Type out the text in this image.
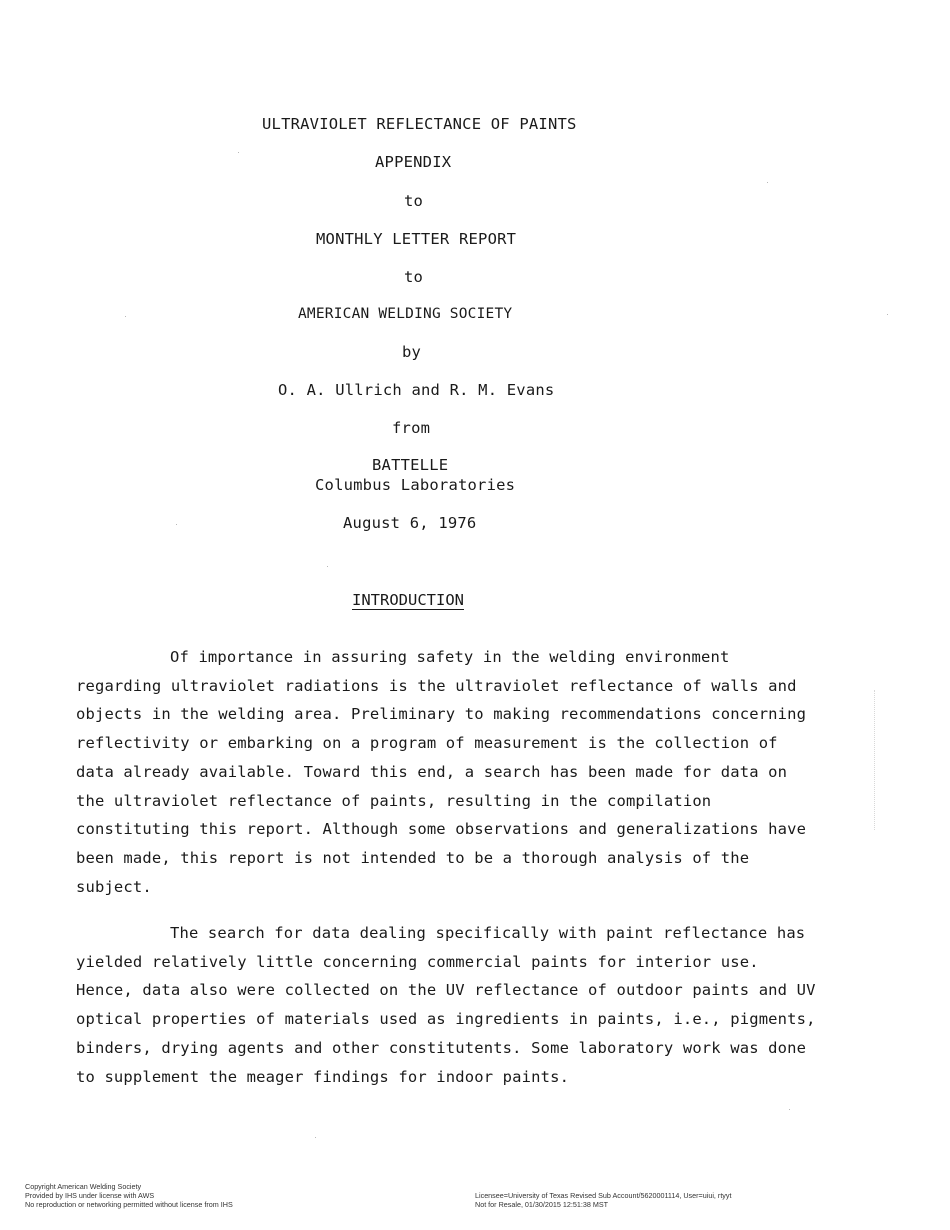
ULTRAVIOLET REFLECTANCE OF PAINTS
APPENDIX
to
MONTHLY LETTER REPORT
to
AMERICAN WELDING SOCIETY
by
O. A. Ullrich and R. M. Evans
from
BATTELLE
Columbus Laboratories
August 6, 1976
INTRODUCTION
Of importance in assuring safety in the welding environment regarding ultraviolet radiations is the ultraviolet reflectance of walls and objects in the welding area. Preliminary to making recommendations concerning reflectivity or embarking on a program of measurement is the collection of data already available. Toward this end, a search has been made for data on the ultraviolet reflectance of paints, resulting in the compilation constituting this report. Although some observations and generalizations have been made, this report is not intended to be a thorough analysis of the subject.
The search for data dealing specifically with paint reflectance has yielded relatively little concerning commercial paints for interior use. Hence, data also were collected on the UV reflectance of outdoor paints and UV optical properties of materials used as ingredients in paints, i.e., pigments, binders, drying agents and other constitutents. Some laboratory work was done to supplement the meager findings for indoor paints.
Copyright American Welding Society
Provided by IHS under license with AWS
No reproduction or networking permitted without license from IHS
Licensee=University of Texas Revised Sub Account/5620001114, User=uiui, rtyyt
Not for Resale, 01/30/2015 12:51:38 MST
